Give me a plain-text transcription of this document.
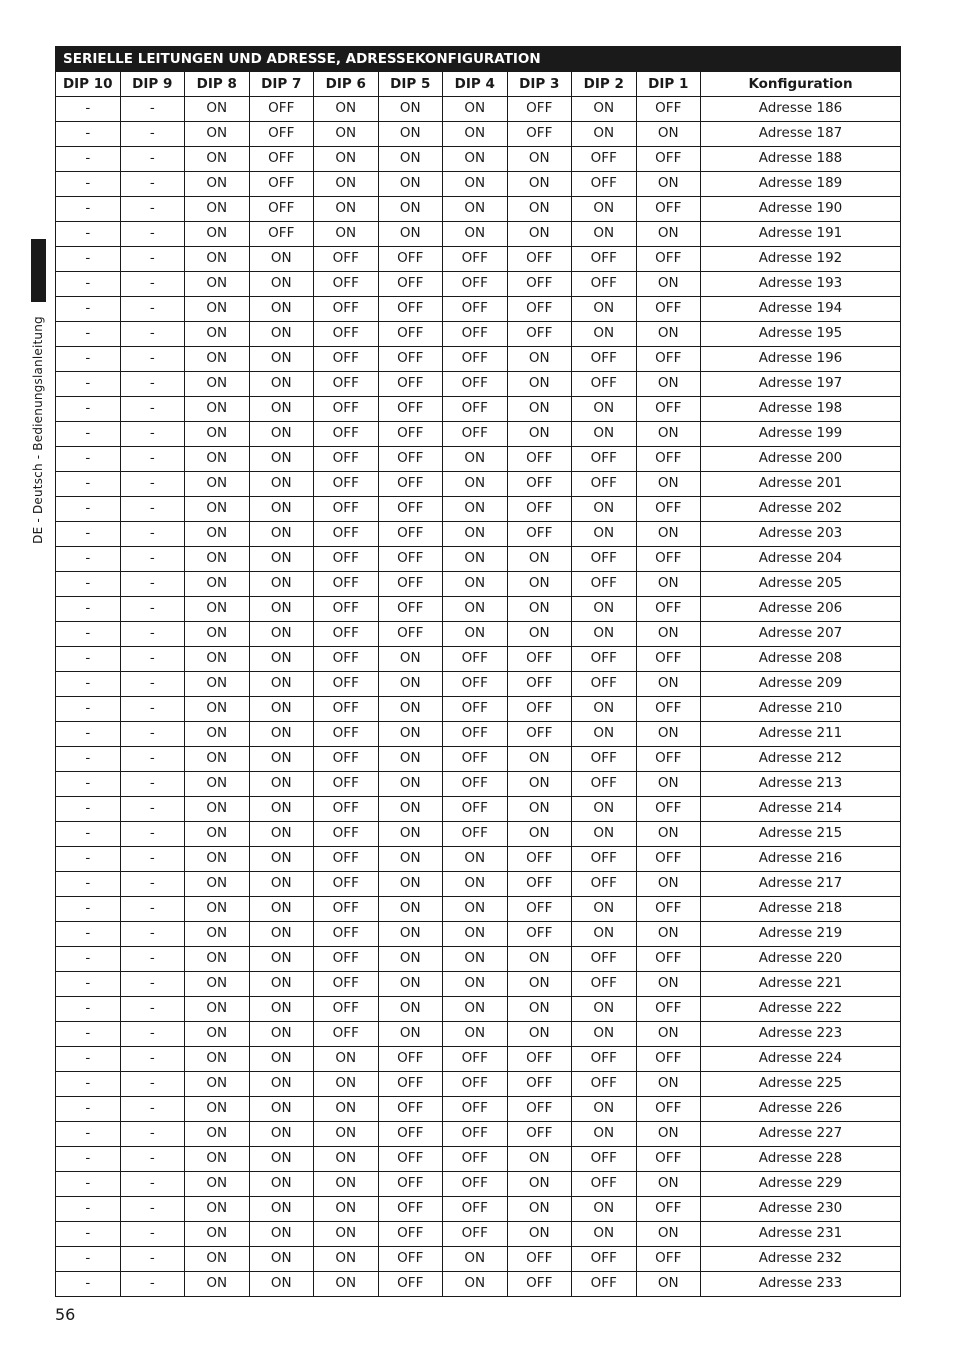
DE - Deutsch - Bedienungslanleitung
SERIELLE LEITUNGEN UND ADRESSE, ADRESSEKONFIGURATION										
DIP 10	DIP 9	DIP 8	DIP 7	DIP 6	DIP 5	DIP 4	DIP 3	DIP 2	DIP 1	Konfiguration
-	-	ON	OFF	ON	ON	ON	OFF	ON	OFF	Adresse 186
-	-	ON	OFF	ON	ON	ON	OFF	ON	ON	Adresse 187
-	-	ON	OFF	ON	ON	ON	ON	OFF	OFF	Adresse 188
-	-	ON	OFF	ON	ON	ON	ON	OFF	ON	Adresse 189
-	-	ON	OFF	ON	ON	ON	ON	ON	OFF	Adresse 190
-	-	ON	OFF	ON	ON	ON	ON	ON	ON	Adresse 191
-	-	ON	ON	OFF	OFF	OFF	OFF	OFF	OFF	Adresse 192
-	-	ON	ON	OFF	OFF	OFF	OFF	OFF	ON	Adresse 193
-	-	ON	ON	OFF	OFF	OFF	OFF	ON	OFF	Adresse 194
-	-	ON	ON	OFF	OFF	OFF	OFF	ON	ON	Adresse 195
-	-	ON	ON	OFF	OFF	OFF	ON	OFF	OFF	Adresse 196
-	-	ON	ON	OFF	OFF	OFF	ON	OFF	ON	Adresse 197
-	-	ON	ON	OFF	OFF	OFF	ON	ON	OFF	Adresse 198
-	-	ON	ON	OFF	OFF	OFF	ON	ON	ON	Adresse 199
-	-	ON	ON	OFF	OFF	ON	OFF	OFF	OFF	Adresse 200
-	-	ON	ON	OFF	OFF	ON	OFF	OFF	ON	Adresse 201
-	-	ON	ON	OFF	OFF	ON	OFF	ON	OFF	Adresse 202
-	-	ON	ON	OFF	OFF	ON	OFF	ON	ON	Adresse 203
-	-	ON	ON	OFF	OFF	ON	ON	OFF	OFF	Adresse 204
-	-	ON	ON	OFF	OFF	ON	ON	OFF	ON	Adresse 205
-	-	ON	ON	OFF	OFF	ON	ON	ON	OFF	Adresse 206
-	-	ON	ON	OFF	OFF	ON	ON	ON	ON	Adresse 207
-	-	ON	ON	OFF	ON	OFF	OFF	OFF	OFF	Adresse 208
-	-	ON	ON	OFF	ON	OFF	OFF	OFF	ON	Adresse 209
-	-	ON	ON	OFF	ON	OFF	OFF	ON	OFF	Adresse 210
-	-	ON	ON	OFF	ON	OFF	OFF	ON	ON	Adresse 211
-	-	ON	ON	OFF	ON	OFF	ON	OFF	OFF	Adresse 212
-	-	ON	ON	OFF	ON	OFF	ON	OFF	ON	Adresse 213
-	-	ON	ON	OFF	ON	OFF	ON	ON	OFF	Adresse 214
-	-	ON	ON	OFF	ON	OFF	ON	ON	ON	Adresse 215
-	-	ON	ON	OFF	ON	ON	OFF	OFF	OFF	Adresse 216
-	-	ON	ON	OFF	ON	ON	OFF	OFF	ON	Adresse 217
-	-	ON	ON	OFF	ON	ON	OFF	ON	OFF	Adresse 218
-	-	ON	ON	OFF	ON	ON	OFF	ON	ON	Adresse 219
-	-	ON	ON	OFF	ON	ON	ON	OFF	OFF	Adresse 220
-	-	ON	ON	OFF	ON	ON	ON	OFF	ON	Adresse 221
-	-	ON	ON	OFF	ON	ON	ON	ON	OFF	Adresse 222
-	-	ON	ON	OFF	ON	ON	ON	ON	ON	Adresse 223
-	-	ON	ON	ON	OFF	OFF	OFF	OFF	OFF	Adresse 224
-	-	ON	ON	ON	OFF	OFF	OFF	OFF	ON	Adresse 225
-	-	ON	ON	ON	OFF	OFF	OFF	ON	OFF	Adresse 226
-	-	ON	ON	ON	OFF	OFF	OFF	ON	ON	Adresse 227
-	-	ON	ON	ON	OFF	OFF	ON	OFF	OFF	Adresse 228
-	-	ON	ON	ON	OFF	OFF	ON	OFF	ON	Adresse 229
-	-	ON	ON	ON	OFF	OFF	ON	ON	OFF	Adresse 230
-	-	ON	ON	ON	OFF	OFF	ON	ON	ON	Adresse 231
-	-	ON	ON	ON	OFF	ON	OFF	OFF	OFF	Adresse 232
-	-	ON	ON	ON	OFF	ON	OFF	OFF	ON	Adresse 233
56
